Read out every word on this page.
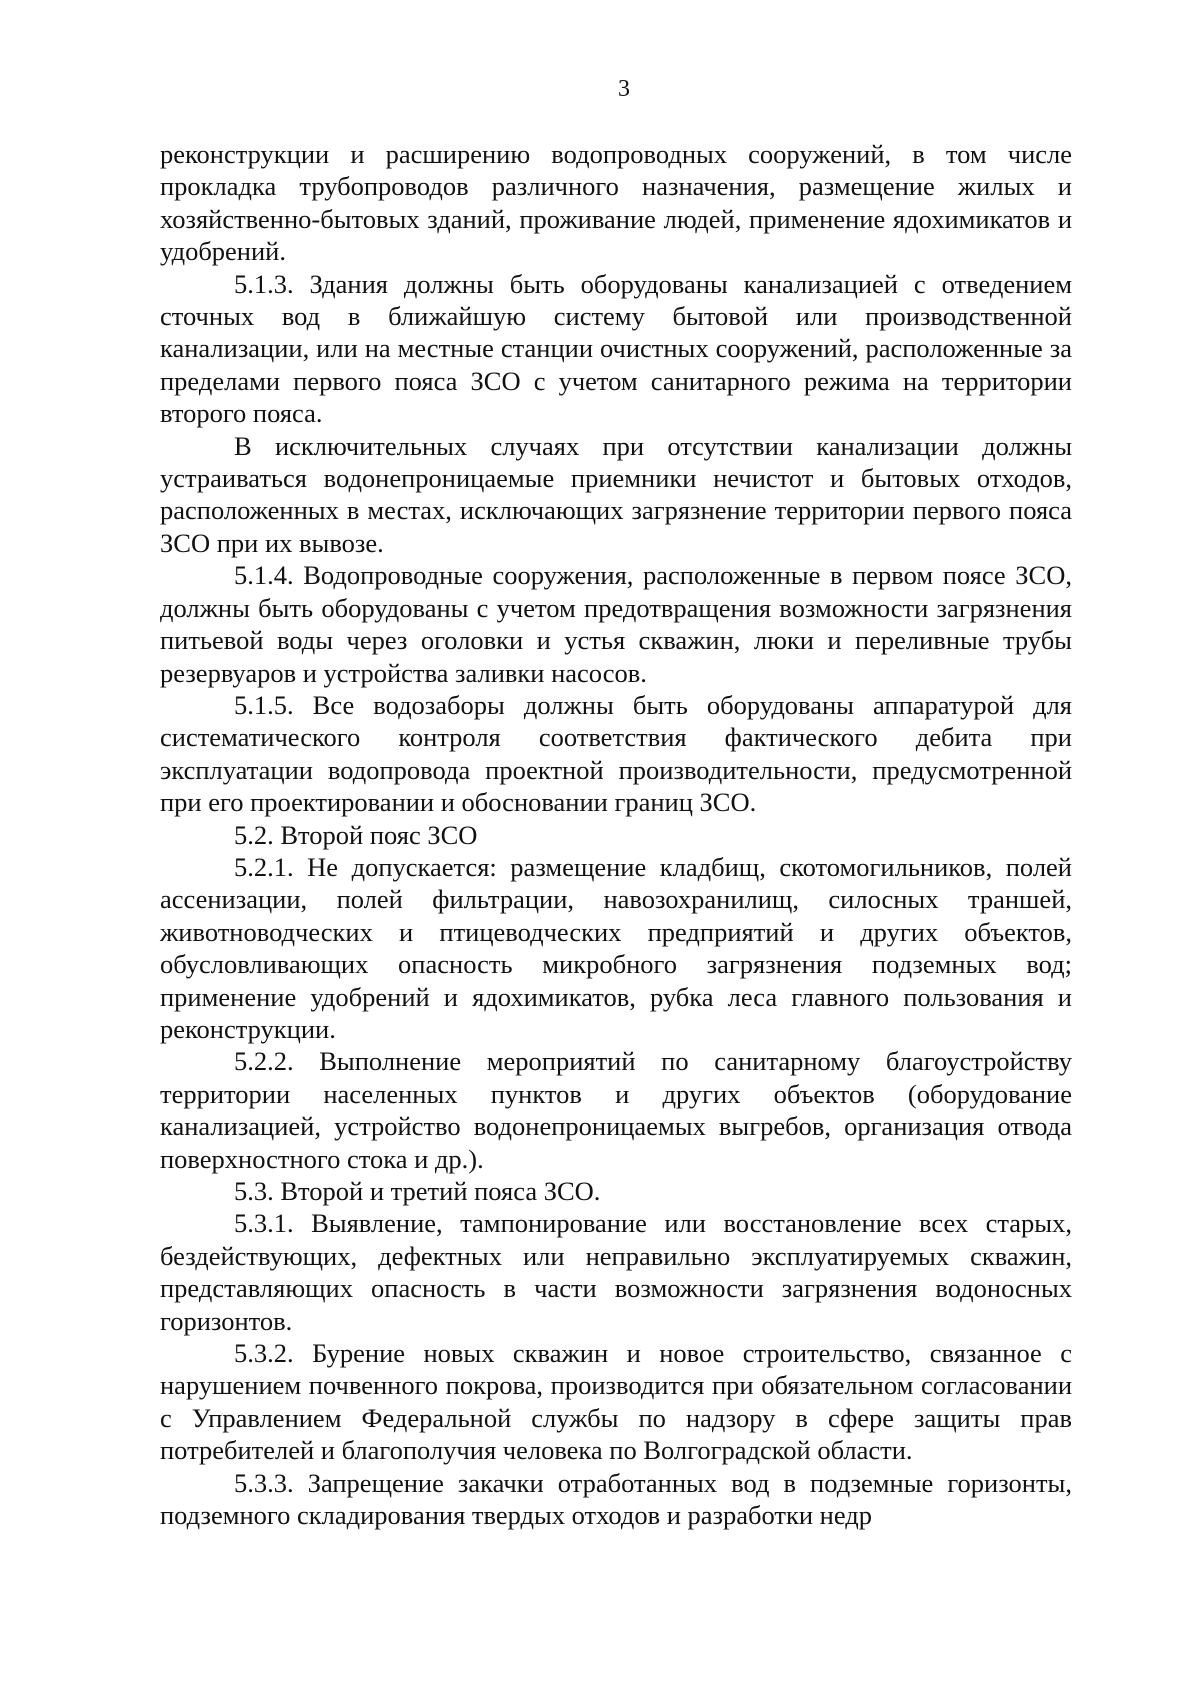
3

реконструкции и расширению водопроводных сооружений, в том числе прокладка трубопроводов различного назначения, размещение жилых и хозяйственно-бытовых зданий, проживание людей, применение ядохимикатов и удобрений.

5.1.3. Здания должны быть оборудованы канализацией с отведением сточных вод в ближайшую систему бытовой или производственной канализации, или на местные станции очистных сооружений, расположенные за пределами первого пояса ЗСО с учетом санитарного режима на территории второго пояса.

В исключительных случаях при отсутствии канализации должны устраиваться водонепроницаемые приемники нечистот и бытовых отходов, расположенных в местах, исключающих загрязнение территории первого пояса ЗСО при их вывозе.

5.1.4. Водопроводные сооружения, расположенные в первом поясе ЗСО, должны быть оборудованы с учетом предотвращения возможности загрязнения питьевой воды через оголовки и устья скважин, люки и переливные трубы резервуаров и устройства заливки насосов.

5.1.5. Все водозаборы должны быть оборудованы аппаратурой для систематического контроля соответствия фактического дебита при эксплуатации водопровода проектной производительности, предусмотренной при его проектировании и обосновании границ ЗСО.

5.2. Второй пояс ЗСО

5.2.1. Не допускается: размещение кладбищ, скотомогильников, полей ассенизации, полей фильтрации, навозохранилищ, силосных траншей, животноводческих и птицеводческих предприятий и других объектов, обусловливающих опасность микробного загрязнения подземных вод; применение удобрений и ядохимикатов, рубка леса главного пользования и реконструкции.

5.2.2. Выполнение мероприятий по санитарному благоустройству территории населенных пунктов и других объектов (оборудование канализацией, устройство водонепроницаемых выгребов, организация отвода поверхностного стока и др.).

5.3. Второй и третий пояса ЗСО.

5.3.1. Выявление, тампонирование или восстановление всех старых, бездействующих, дефектных или неправильно эксплуатируемых скважин, представляющих опасность в части возможности загрязнения водоносных горизонтов.

5.3.2. Бурение новых скважин и новое строительство, связанное с нарушением почвенного покрова, производится при обязательном согласовании с Управлением Федеральной службы по надзору в сфере защиты прав потребителей и благополучия человека по Волгоградской области.

5.3.3. Запрещение закачки отработанных вод в подземные горизонты, подземного складирования твердых отходов и разработки недр
